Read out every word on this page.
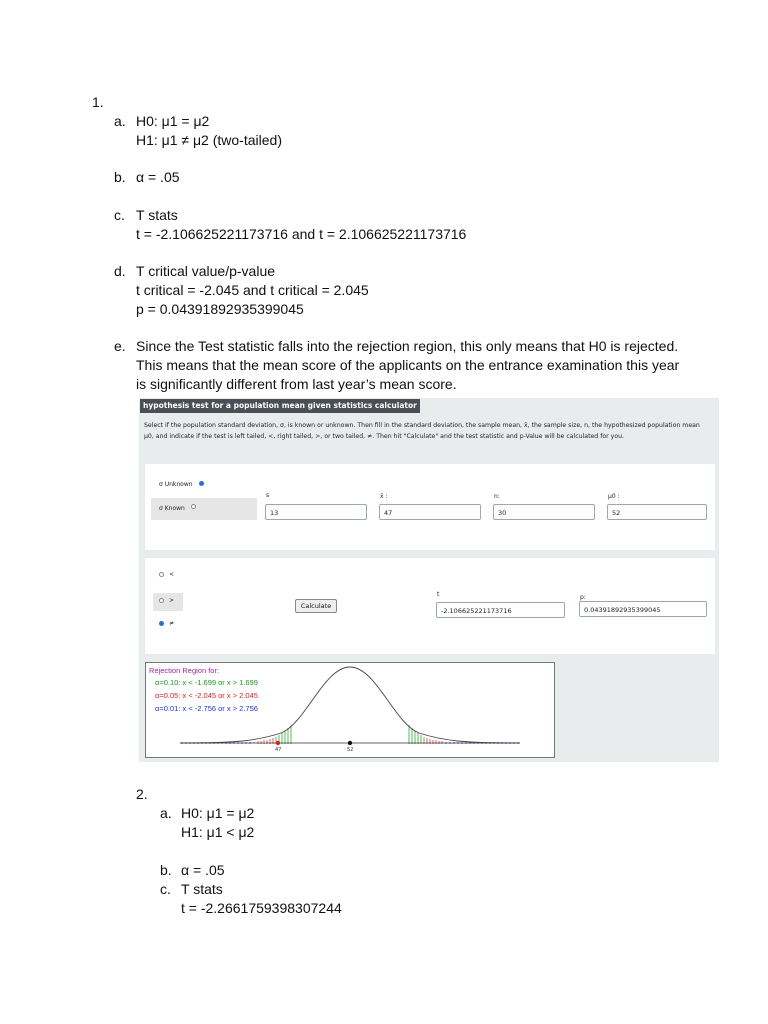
1.
a. H0: μ1 = μ2
H1: μ1 ≠ μ2 (two-tailed)
b. α = .05
c. T stats
t = -2.106625221173716 and t = 2.106625221173716
d. T critical value/p-value
t critical = -2.045 and t critical = 2.045
p = 0.04391892935399045
e. Since the Test statistic falls into the rejection region, this only means that H0 is rejected.
This means that the mean score of the applicants on the entrance examination this year
is significantly different from last year’s mean score.
hypothesis test for a population mean given statistics calculator
Select if the population standard deviation, σ, is known or unknown. Then fill in the standard deviation, the sample mean, x̄, the sample size, n, the hypothesized population mean μ0, and indicate if the test is left tailed, <, right tailed, >, or two tailed, ≠. Then hit "Calculate" and the test statistic and p-Value will be calculated for you.
σ Unknown
σ Known
s
13
x̄ :
47
n:
30
μ0 :
52
<
>
≠
Calculate
t
-2.106625221173716
p:
0.04391892935399045
Rejection Region for:
α=0.10: x < -1.699 or x > 1.699
α=0.05: x < -2.045 or x > 2.045
α=0.01: x < -2.756 or x > 2.756
47	52
2.
a. H0: μ1 = μ2
H1: μ1 < μ2
b. α = .05
c. T stats
t = -2.2661759398307244
